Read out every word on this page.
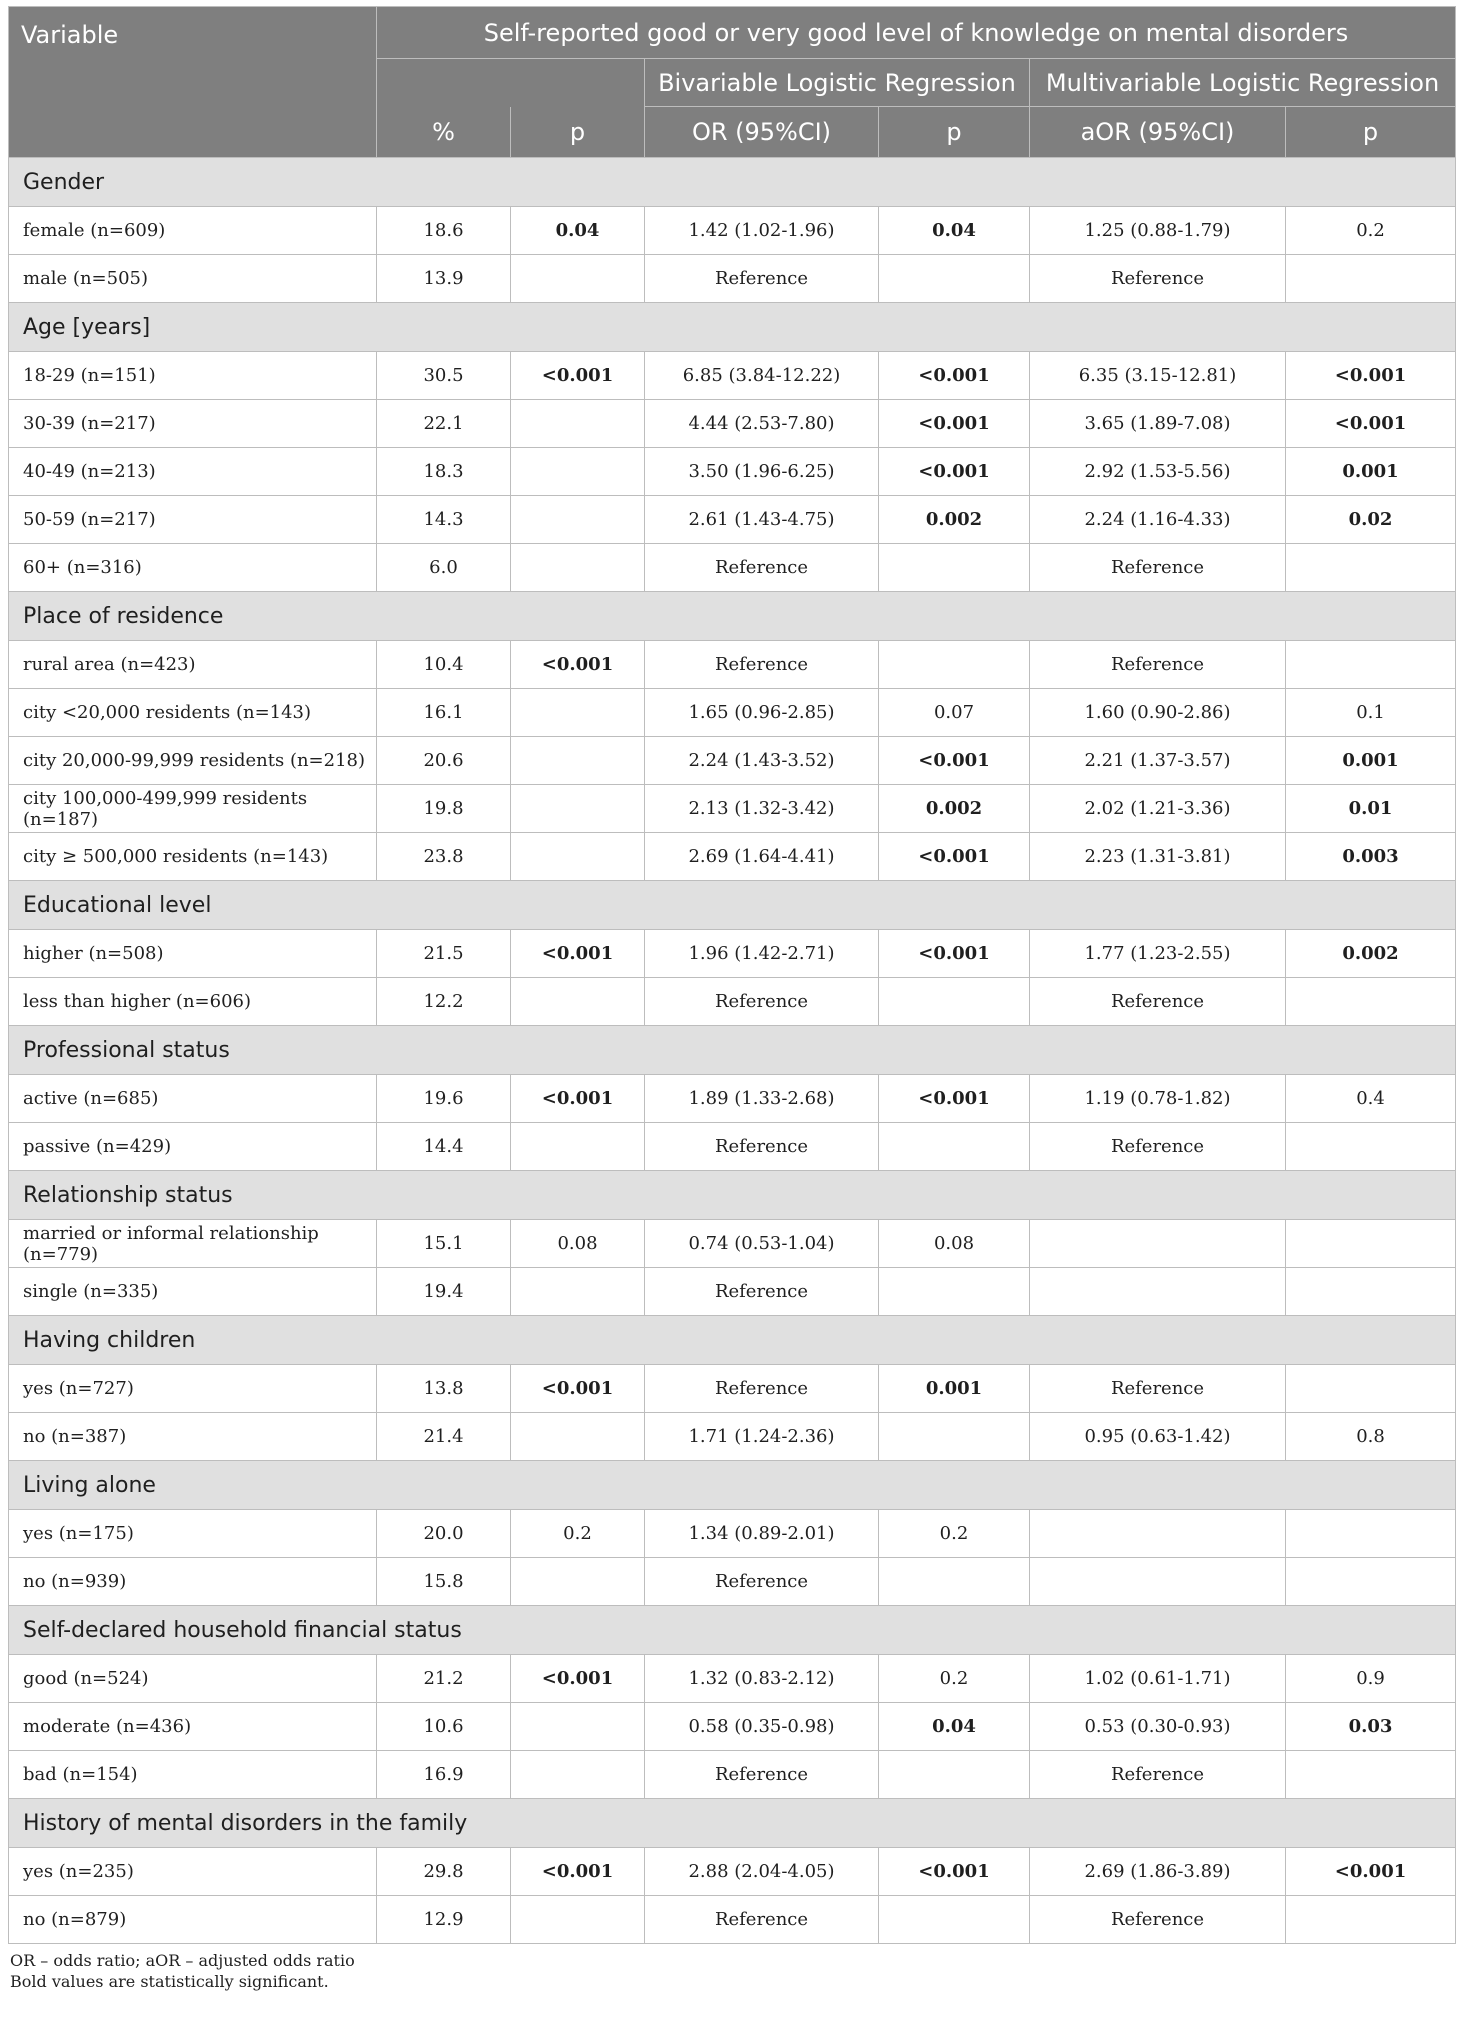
Variable	Self-reported good or very good level of knowledge on mental disorders					
			Bivariable Logistic Regression		Multivariable Logistic Regression	
	%	p	OR (95%CI)	p	aOR (95%CI)	p
Gender						
female (n=609)	18.6	0.04	1.42 (1.02-1.96)	0.04	1.25 (0.88-1.79)	0.2
male (n=505)	13.9		Reference		Reference	
Age [years]						
18-29 (n=151)	30.5	<0.001	6.85 (3.84-12.22)	<0.001	6.35 (3.15-12.81)	<0.001
30-39 (n=217)	22.1		4.44 (2.53-7.80)	<0.001	3.65 (1.89-7.08)	<0.001
40-49 (n=213)	18.3		3.50 (1.96-6.25)	<0.001	2.92 (1.53-5.56)	0.001
50-59 (n=217)	14.3		2.61 (1.43-4.75)	0.002	2.24 (1.16-4.33)	0.02
60+ (n=316)	6.0		Reference		Reference	
Place of residence						
rural area (n=423)	10.4	<0.001	Reference		Reference	
city <20,000 residents (n=143)	16.1		1.65 (0.96-2.85)	0.07	1.60 (0.90-2.86)	0.1
city 20,000-99,999 residents (n=218)	20.6		2.24 (1.43-3.52)	<0.001	2.21 (1.37-3.57)	0.001
city 100,000-499,999 residents (n=187)	19.8		2.13 (1.32-3.42)	0.002	2.02 (1.21-3.36)	0.01
city ≥ 500,000 residents (n=143)	23.8		2.69 (1.64-4.41)	<0.001	2.23 (1.31-3.81)	0.003
Educational level						
higher (n=508)	21.5	<0.001	1.96 (1.42-2.71)	<0.001	1.77 (1.23-2.55)	0.002
less than higher (n=606)	12.2		Reference		Reference	
Professional status						
active (n=685)	19.6	<0.001	1.89 (1.33-2.68)	<0.001	1.19 (0.78-1.82)	0.4
passive (n=429)	14.4		Reference		Reference	
Relationship status						
married or informal relationship (n=779)	15.1	0.08	0.74 (0.53-1.04)	0.08		
single (n=335)	19.4		Reference			
Having children						
yes (n=727)	13.8	<0.001	Reference	0.001	Reference	
no (n=387)	21.4		1.71 (1.24-2.36)		0.95 (0.63-1.42)	0.8
Living alone						
yes (n=175)	20.0	0.2	1.34 (0.89-2.01)	0.2		
no (n=939)	15.8		Reference			
Self-declared household financial status						
good (n=524)	21.2	<0.001	1.32 (0.83-2.12)	0.2	1.02 (0.61-1.71)	0.9
moderate (n=436)	10.6		0.58 (0.35-0.98)	0.04	0.53 (0.30-0.93)	0.03
bad (n=154)	16.9		Reference		Reference	
History of mental disorders in the family						
yes (n=235)	29.8	<0.001	2.88 (2.04-4.05)	<0.001	2.69 (1.86-3.89)	<0.001
no (n=879)	12.9		Reference		Reference	
OR – odds ratio; aOR – adjusted odds ratio
Bold values are statistically significant.
